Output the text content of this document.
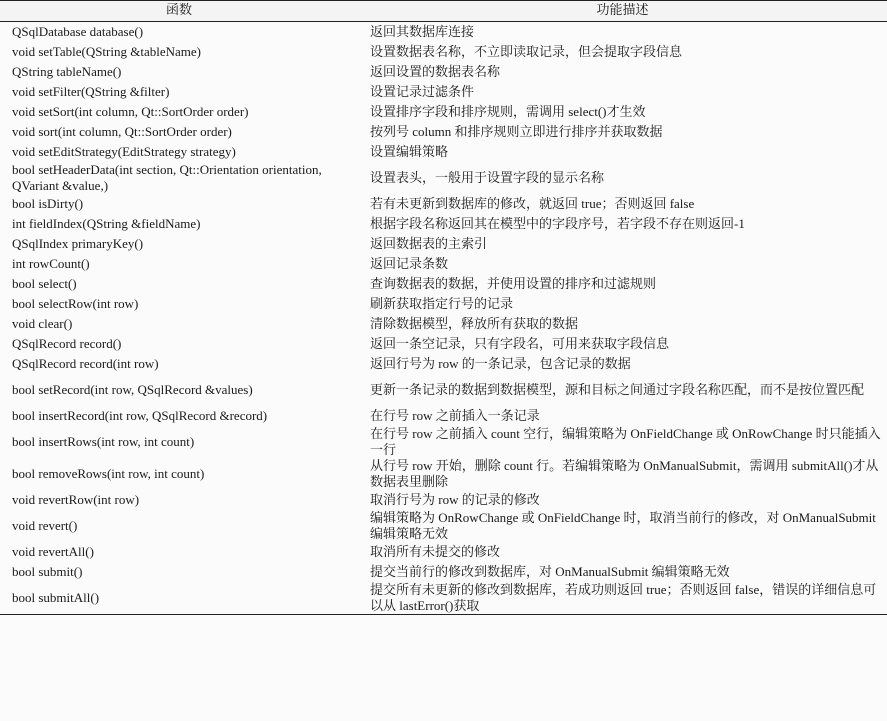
函数	功能描述
QSqlDatabase database()	返回其数据库连接
void setTable(QString &tableName)	设置数据表名称，不立即读取记录，但会提取字段信息
QString tableName()	返回设置的数据表名称
void setFilter(QString &filter)	设置记录过滤条件
void setSort(int column, Qt::SortOrder order)	设置排序字段和排序规则，需调用 select()才生效
void sort(int column, Qt::SortOrder order)	按列号 column 和排序规则立即进行排序并获取数据
void setEditStrategy(EditStrategy strategy)	设置编辑策略
bool setHeaderData(int section, Qt::Orientation orientation, QVariant &value,)	设置表头，一般用于设置字段的显示名称
bool isDirty()	若有未更新到数据库的修改，就返回 true；否则返回 false
int fieldIndex(QString &fieldName)	根据字段名称返回其在模型中的字段序号，若字段不存在则返回-1
QSqlIndex primaryKey()	返回数据表的主索引
int rowCount()	返回记录条数
bool select()	查询数据表的数据，并使用设置的排序和过滤规则
bool selectRow(int row)	刷新获取指定行号的记录
void clear()	清除数据模型，释放所有获取的数据
QSqlRecord record()	返回一条空记录，只有字段名，可用来获取字段信息
QSqlRecord record(int row)	返回行号为 row 的一条记录，包含记录的数据
bool setRecord(int row, QSqlRecord &values)	更新一条记录的数据到数据模型，源和目标之间通过字段名称匹配，而不是按位置匹配
bool insertRecord(int row, QSqlRecord &record)	在行号 row 之前插入一条记录
bool insertRows(int row, int count)	在行号 row 之前插入 count 空行，编辑策略为 OnFieldChange 或 OnRowChange 时只能插入一行
bool removeRows(int row, int count)	从行号 row 开始，删除 count 行。若编辑策略为 OnManualSubmit，需调用 submitAll()才从数据表里删除
void revertRow(int row)	取消行号为 row 的记录的修改
void revert()	编辑策略为 OnRowChange 或 OnFieldChange 时，取消当前行的修改，对 OnManualSubmit 编辑策略无效
void revertAll()	取消所有未提交的修改
bool submit()	提交当前行的修改到数据库，对 OnManualSubmit 编辑策略无效
bool submitAll()	提交所有未更新的修改到数据库，若成功则返回 true；否则返回 false，错误的详细信息可以从 lastError()获取
